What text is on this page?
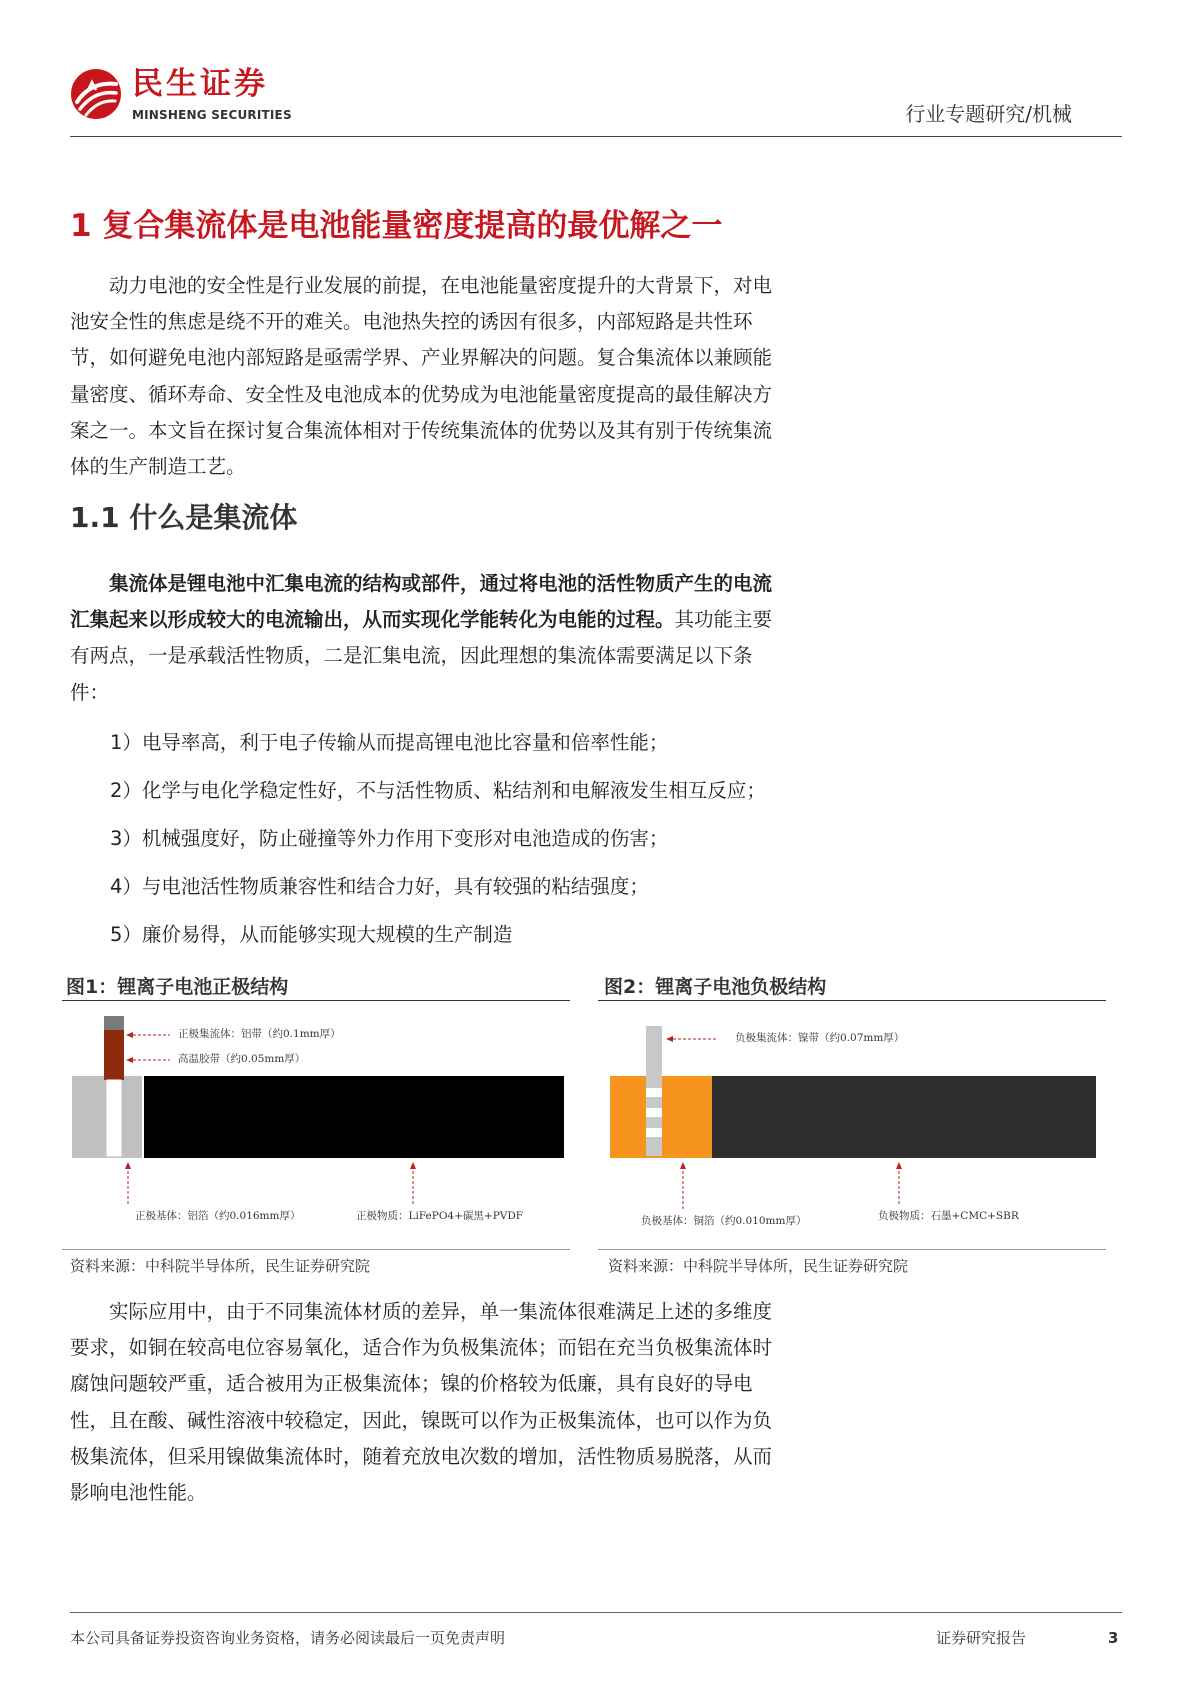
民生证券
MINSHENG SECURITIES	行业专题研究/机械
1 复合集流体是电池能量密度提高的最优解之一
动力电池的安全性是行业发展的前提，在电池能量密度提升的大背景下，对电池安全性的焦虑是绕不开的难关。电池热失控的诱因有很多，内部短路是共性环节，如何避免电池内部短路是亟需学界、产业界解决的问题。复合集流体以兼顾能量密度、循环寿命、安全性及电池成本的优势成为电池能量密度提高的最佳解决方案之一。本文旨在探讨复合集流体相对于传统集流体的优势以及其有别于传统集流体的生产制造工艺。
1.1 什么是集流体
集流体是锂电池中汇集电流的结构或部件，通过将电池的活性物质产生的电流汇集起来以形成较大的电流输出，从而实现化学能转化为电能的过程。其功能主要有两点，一是承载活性物质，二是汇集电流，因此理想的集流体需要满足以下条件：
1）电导率高，利于电子传输从而提高锂电池比容量和倍率性能；
2）化学与电化学稳定性好，不与活性物质、粘结剂和电解液发生相互反应；
3）机械强度好，防止碰撞等外力作用下变形对电池造成的伤害；
4）与电池活性物质兼容性和结合力好，具有较强的粘结强度；
5）廉价易得，从而能够实现大规模的生产制造
图1：锂离子电池正极结构
正极集流体：铝带（约0.1mm厚）
高温胶带（约0.05mm厚）
正极基体：铝箔（约0.016mm厚）	正极物质：LiFePO4+碳黑+PVDF
资料来源：中科院半导体所，民生证券研究院
图2：锂离子电池负极结构
负极集流体：镍带（约0.07mm厚）
负极基体：铜箔（约0.010mm厚）	负极物质：石墨+CMC+SBR
资料来源：中科院半导体所，民生证券研究院
实际应用中，由于不同集流体材质的差异，单一集流体很难满足上述的多维度要求，如铜在较高电位容易氧化，适合作为负极集流体；而铝在充当负极集流体时腐蚀问题较严重，适合被用为正极集流体；镍的价格较为低廉，具有良好的导电性，且在酸、碱性溶液中较稳定，因此，镍既可以作为正极集流体，也可以作为负极集流体，但采用镍做集流体时，随着充放电次数的增加，活性物质易脱落，从而影响电池性能。
本公司具备证券投资咨询业务资格，请务必阅读最后一页免责声明	证券研究报告	3
